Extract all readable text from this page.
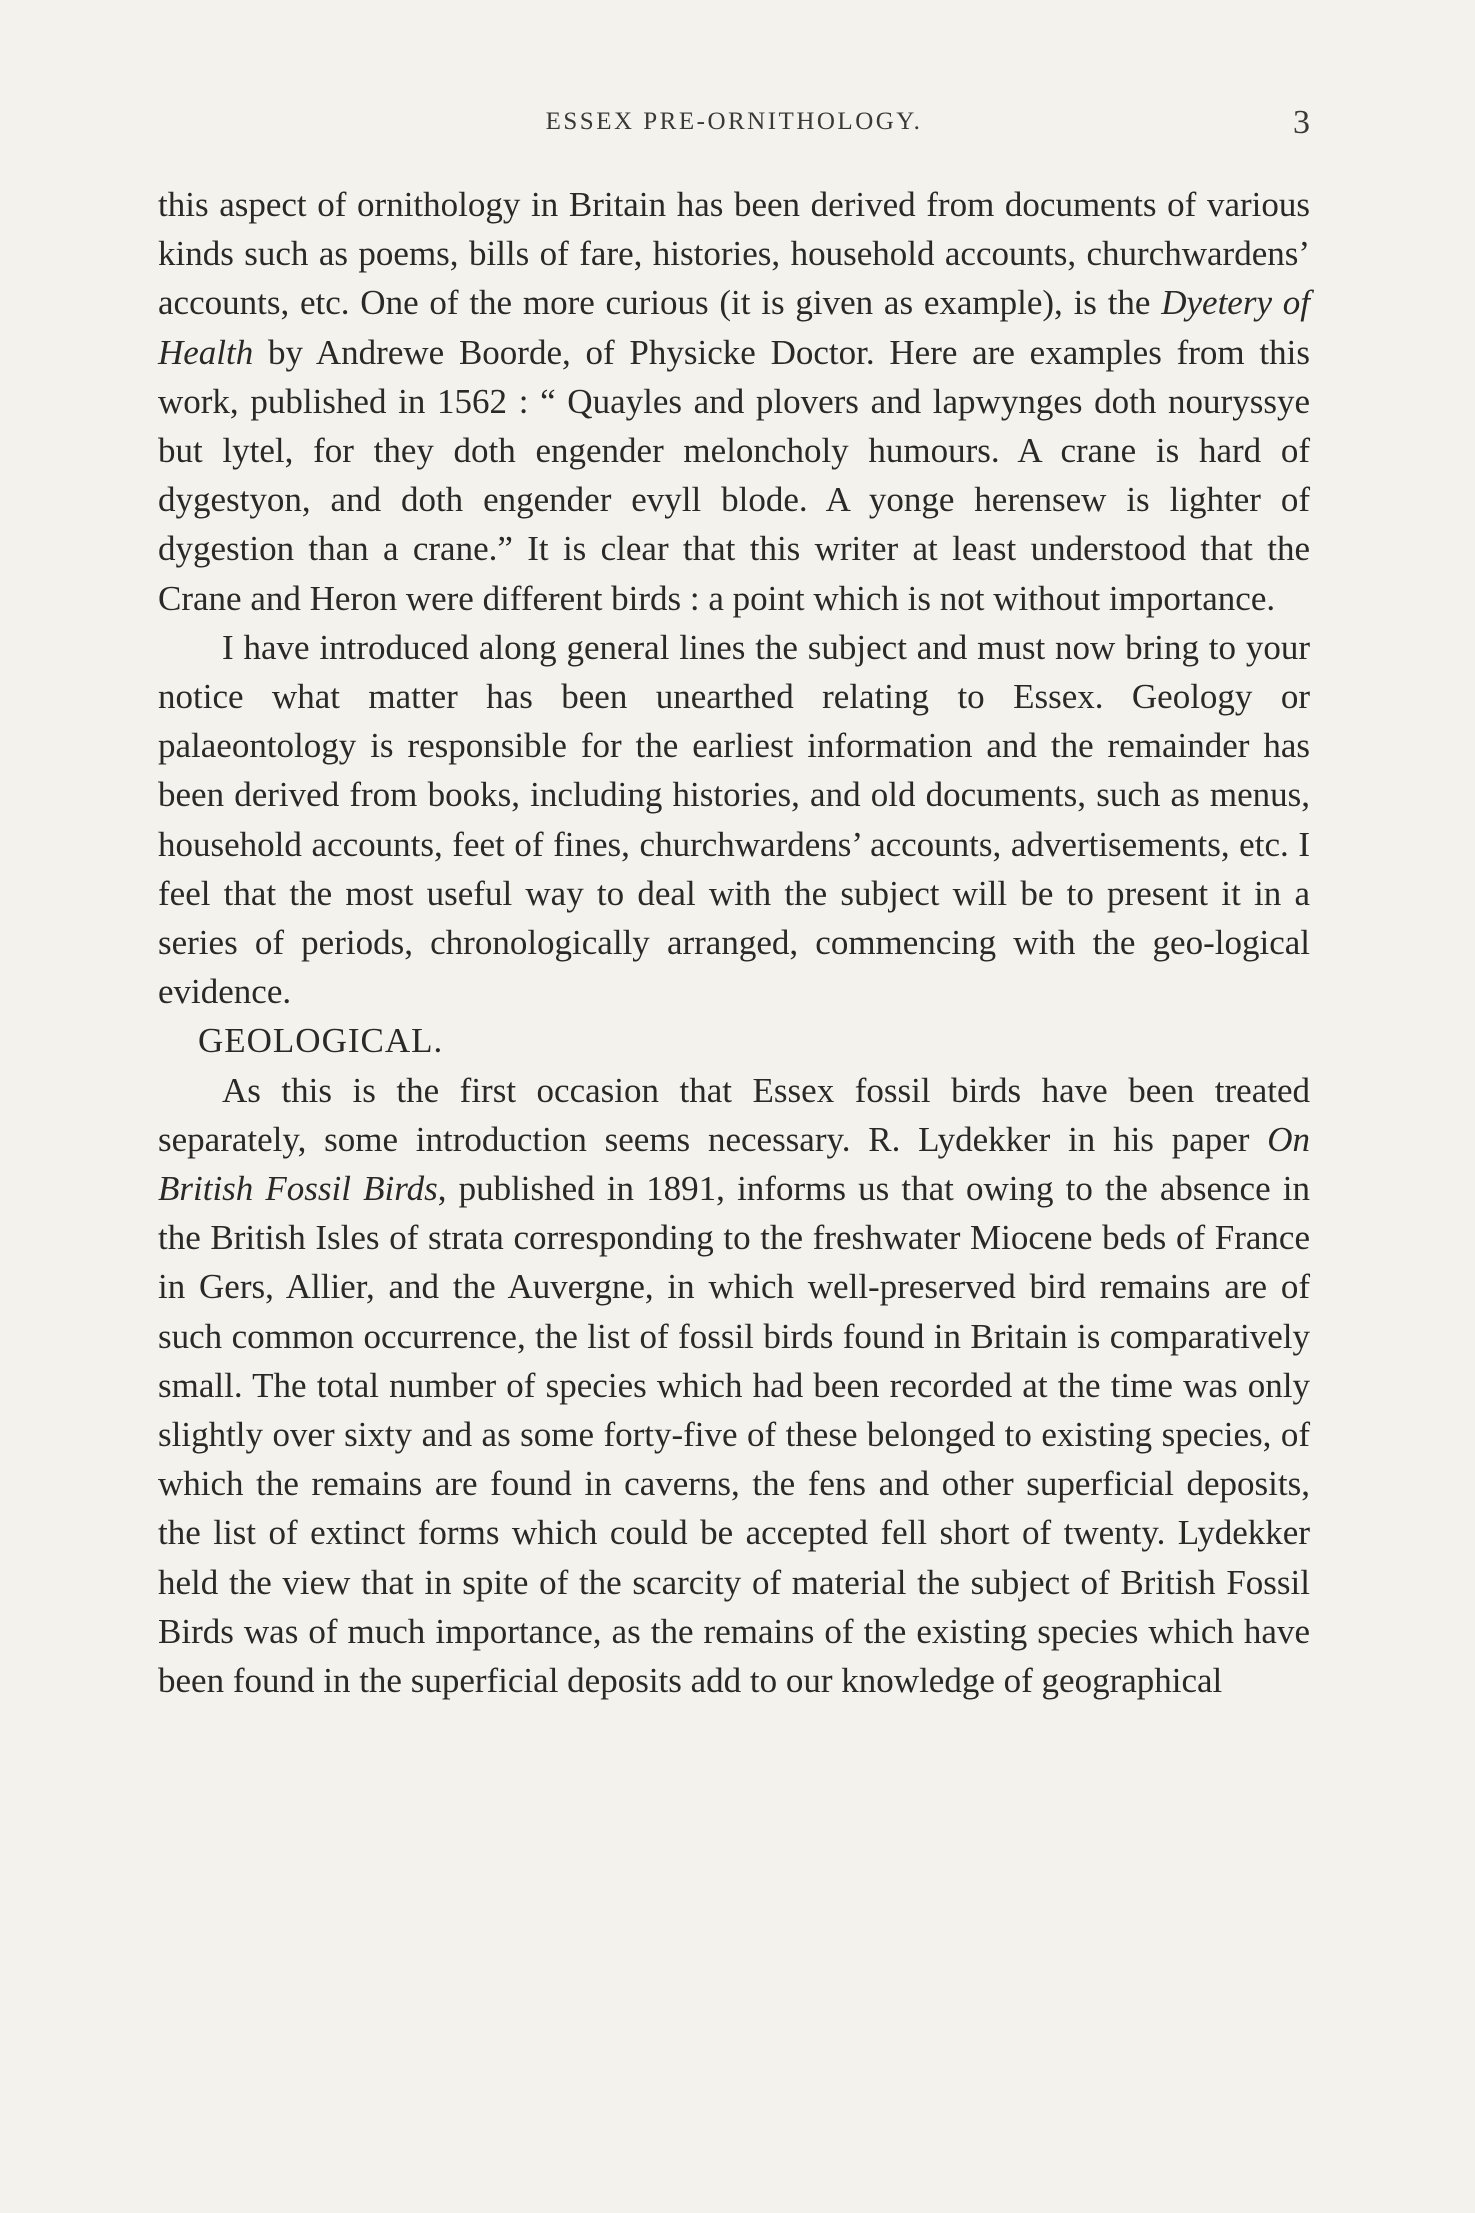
ESSEX PRE-ORNITHOLOGY.	3

this aspect of ornithology in Britain has been derived from documents of various kinds such as poems, bills of fare, histories, household accounts, churchwardens’ accounts, etc. One of the more curious (it is given as example), is the Dyetery of Health by Andrewe Boorde, of Physicke Doctor. Here are examples from this work, published in 1562 : “ Quayles and plovers and lapwynges doth nouryssye but lytel, for they doth engender meloncholy humours. A crane is hard of dygestyon, and doth engender evyll blode. A yonge herensew is lighter of dygestion than a crane.” It is clear that this writer at least understood that the Crane and Heron were different birds : a point which is not without importance.

I have introduced along general lines the subject and must now bring to your notice what matter has been unearthed relating to Essex. Geology or palaeontology is responsible for the earliest information and the remainder has been derived from books, including histories, and old documents, such as menus, household accounts, feet of fines, churchwardens’ accounts, advertisements, etc. I feel that the most useful way to deal with the subject will be to present it in a series of periods, chronologically arranged, commencing with the geo-logical evidence.

GEOLOGICAL.

As this is the first occasion that Essex fossil birds have been treated separately, some introduction seems necessary. R. Lydekker in his paper On British Fossil Birds, published in 1891, informs us that owing to the absence in the British Isles of strata corresponding to the freshwater Miocene beds of France in Gers, Allier, and the Auvergne, in which well-preserved bird remains are of such common occurrence, the list of fossil birds found in Britain is comparatively small. The total number of species which had been recorded at the time was only slightly over sixty and as some forty-five of these belonged to existing species, of which the remains are found in caverns, the fens and other superficial deposits, the list of extinct forms which could be accepted fell short of twenty. Lydekker held the view that in spite of the scarcity of material the subject of British Fossil Birds was of much importance, as the remains of the existing species which have been found in the superficial deposits add to our knowledge of geographical
